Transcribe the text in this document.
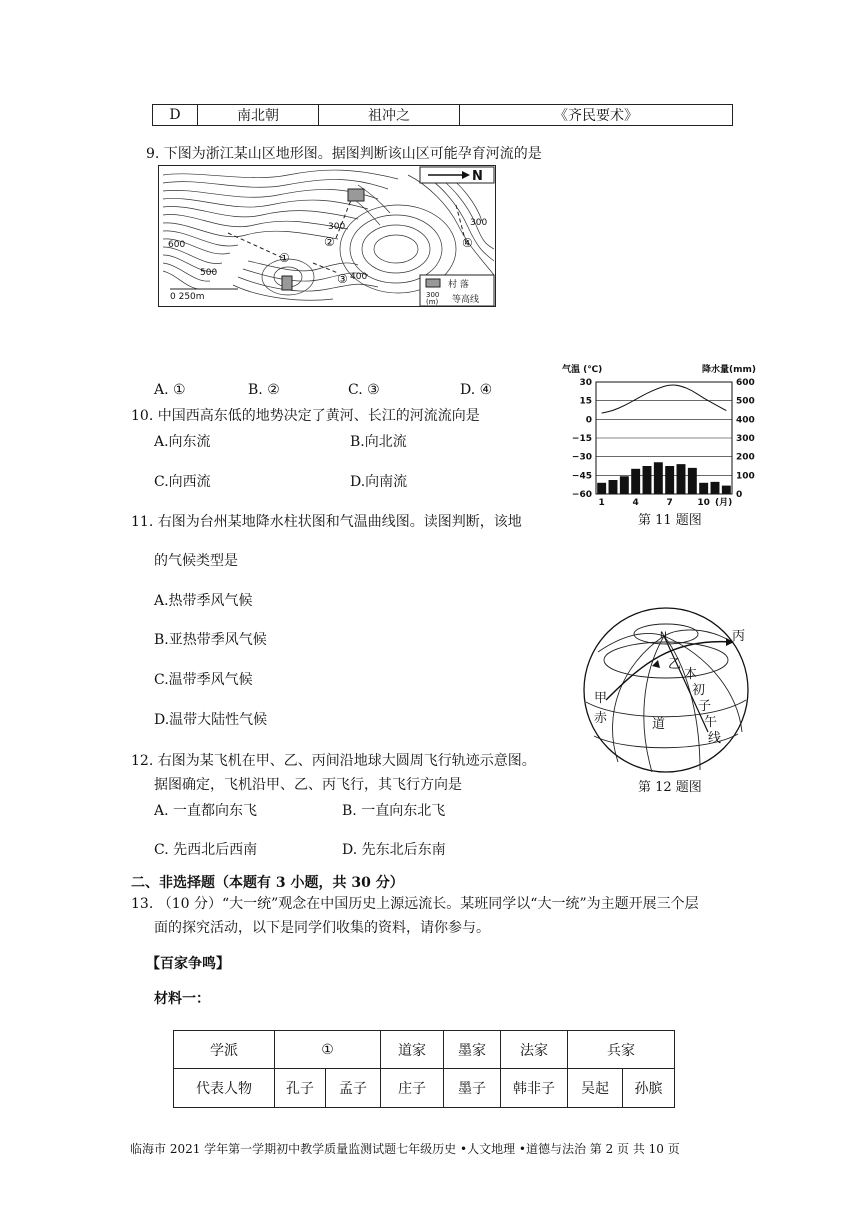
D	南北朝	祖冲之	《齐民要术》
9. 下图为浙江某山区地形图。据图判断该山区可能孕育河流的是
①
②
③
④
600
500
300	300
400
0 250m
N
村 落
300
(m) 等高线
A. ①	B. ②	C. ③	D. ④
10. 中国西高东低的地势决定了黄河、长江的河流流向是
A.向东流	B.向北流
C.向西流	D.向南流
气温 (℃)	降水量(mm)
30	600
15	500
0	400
−15	300
−30	200
−45	100
−60	0
1	4	7	10 (月)
第 11 题图
11. 右图为台州某地降水柱状图和气温曲线图。读图判断，该地
的气候类型是
A.热带季风气候
B.亚热带季风气候
C.温带季风气候
D.温带大陆性气候
N
甲
乙
丙
赤	道
本
初
子
午
线
第 12 题图
12. 右图为某飞机在甲、乙、丙间沿地球大圆周飞行轨迹示意图。
据图确定，飞机沿甲、乙、丙飞行，其飞行方向是
A. 一直都向东飞	B. 一直向东北飞
C. 先西北后西南	D. 先东北后东南
二、非选择题（本题有 3 小题，共 30 分）
13. （10 分）“大一统”观念在中国历史上源远流长。某班同学以“大一统”为主题开展三个层
面的探究活动，以下是同学们收集的资料，请你参与。
【百家争鸣】
材料一：
学派	①		道家	墨家	法家	兵家	
代表人物	孔子	孟子	庄子	墨子	韩非子	吴起	孙膑
临海市 2021 学年第一学期初中教学质量监测试题七年级历史 •人文地理 •道德与法治 第 2 页 共 10 页
